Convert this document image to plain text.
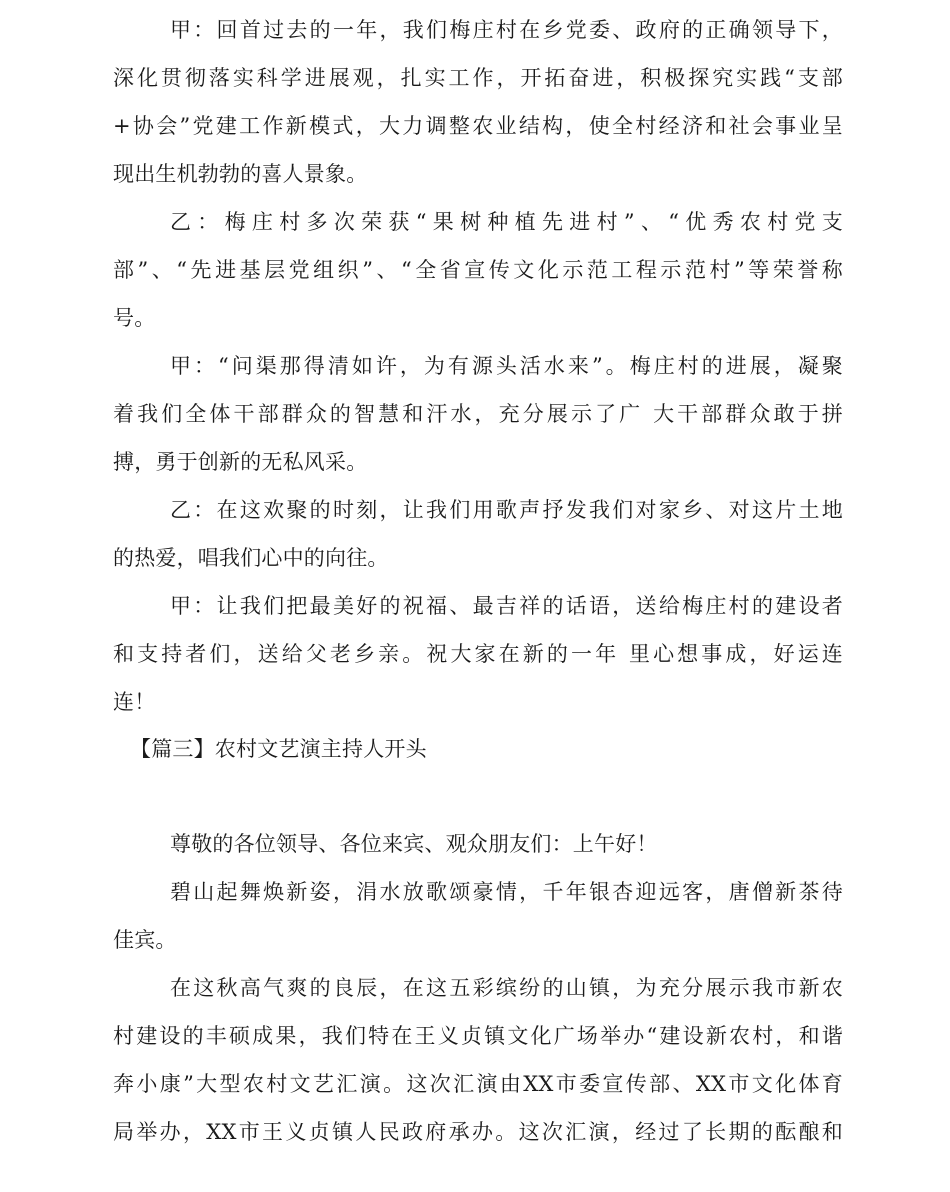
甲：回首过去的一年，我们梅庄村在乡党委、政府的正确领导下，
深化贯彻落实科学进展观，扎实工作，开拓奋进，积极探究实践“支部
+协会”党建工作新模式，大力调整农业结构，使全村经济和社会事业呈
现出生机勃勃的喜人景象。
乙：梅庄村多次荣获“果树种植先进村”、“优秀农村党支
部”、“先进基层党组织”、“全省宣传文化示范工程示范村”等荣誉称
号。
甲：“问渠那得清如许，为有源头活水来”。梅庄村的进展，凝聚
着我们全体干部群众的智慧和汗水，充分展示了广 大干部群众敢于拼
搏，勇于创新的无私风采。
乙：在这欢聚的时刻，让我们用歌声抒发我们对家乡、对这片土地
的热爱，唱我们心中的向往。
甲：让我们把最美好的祝福、最吉祥的话语，送给梅庄村的建设者
和支持者们，送给父老乡亲。祝大家在新的一年 里心想事成，好运连
连！
【篇三】农村文艺演主持人开头
尊敬的各位领导、各位来宾、观众朋友们：上午好！
碧山起舞焕新姿，涓水放歌颂豪情，千年银杏迎远客，唐僧新茶待
佳宾。
在这秋高气爽的良辰，在这五彩缤纷的山镇，为充分展示我市新农
村建设的丰硕成果，我们特在王义贞镇文化广场举办“建设新农村，和谐
奔小康”大型农村文艺汇演。这次汇演由XX市委宣传部、XX市文化体育
局举办，XX市王义贞镇人民政府承办。这次汇演，经过了长期的酝酿和
